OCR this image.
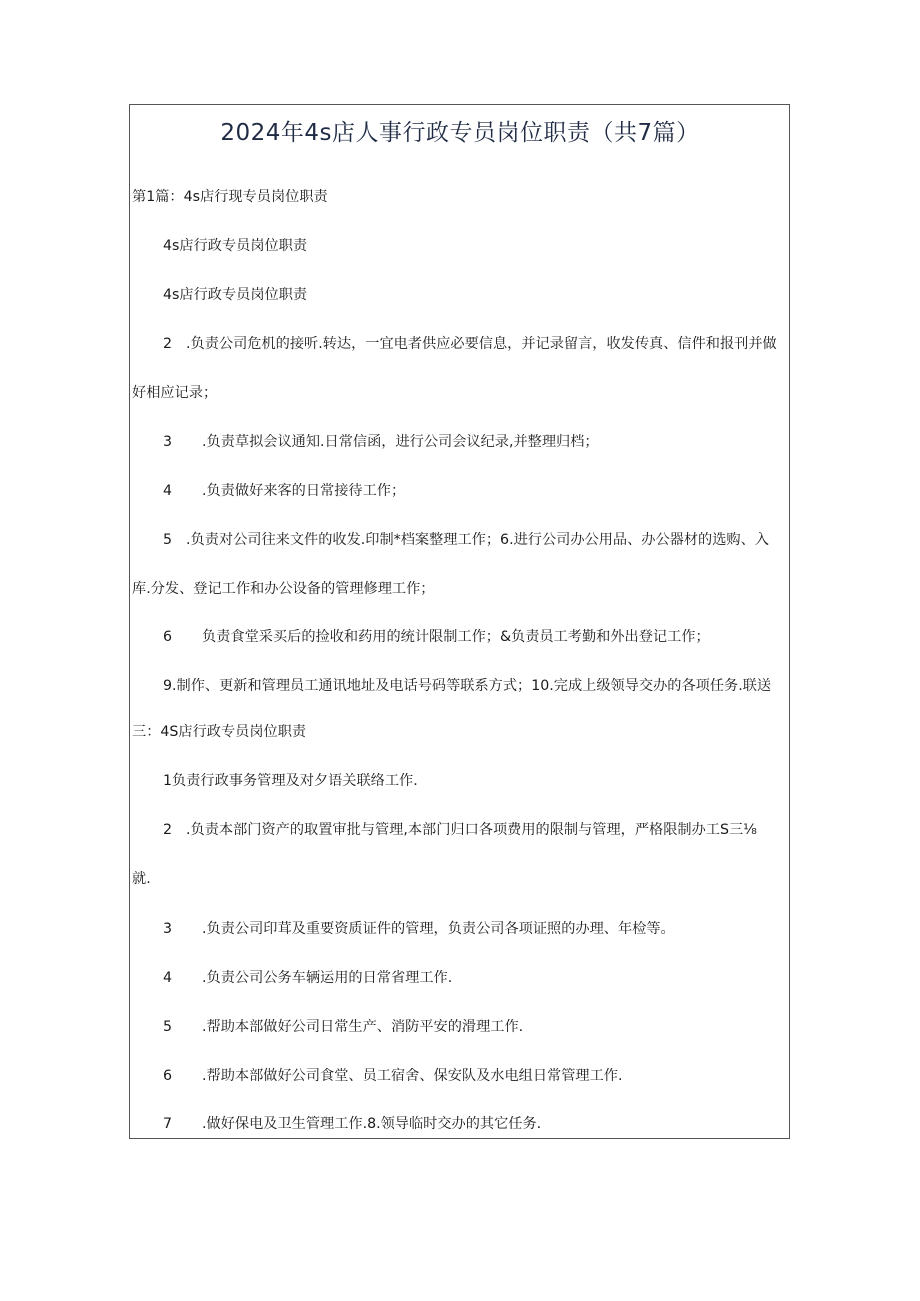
2024年4s店人事行政专员岗位职责（共7篇）
第1篇：4s店行现专员岗位职责
4s店行政专员岗位职责
4s店行政专员岗位职责
2 .负责公司危机的接听.转达，一宜电者供应必要信息，并记录留言，收发传真、信件和报刊并做
好相应记录；
3 .负责草拟会议通知.日常信函，进行公司会议纪录,并整理归档；
4 .负责做好来客的日常接待工作；
5 .负责对公司往来文件的收发.印制*档案整理工作；6.进行公司办公用品、办公器材的选购、入
库.分发、登记工作和办公设备的管理修理工作；
6 负责食堂采买后的捡收和药用的统计限制工作；&负责员工考勤和外出登记工作；
9.制作、更新和管理员工通讯地址及电话号码等联系方式；10.完成上级领导交办的各项任务.联送
三：4S店行政专员岗位职责
1负责行政事务管理及对夕语关联络工作.
2 .负责本部门资产的取置审批与管理,本部门归口各项费用的限制与管理，严格限制办工S三⅛
就.
3 .负责公司印茸及重要资质证件的管理，负责公司各项证照的办理、年检等。
4 .负责公司公务车辆运用的日常省理工作.
5 .帮助本部做好公司日常生产、消防平安的滑理工作.
6 .帮助本部做好公司食堂、员工宿舍、保安队及水电组日常管理工作.
7 .做好保电及卫生管理工作.8.领导临时交办的其它任务.
